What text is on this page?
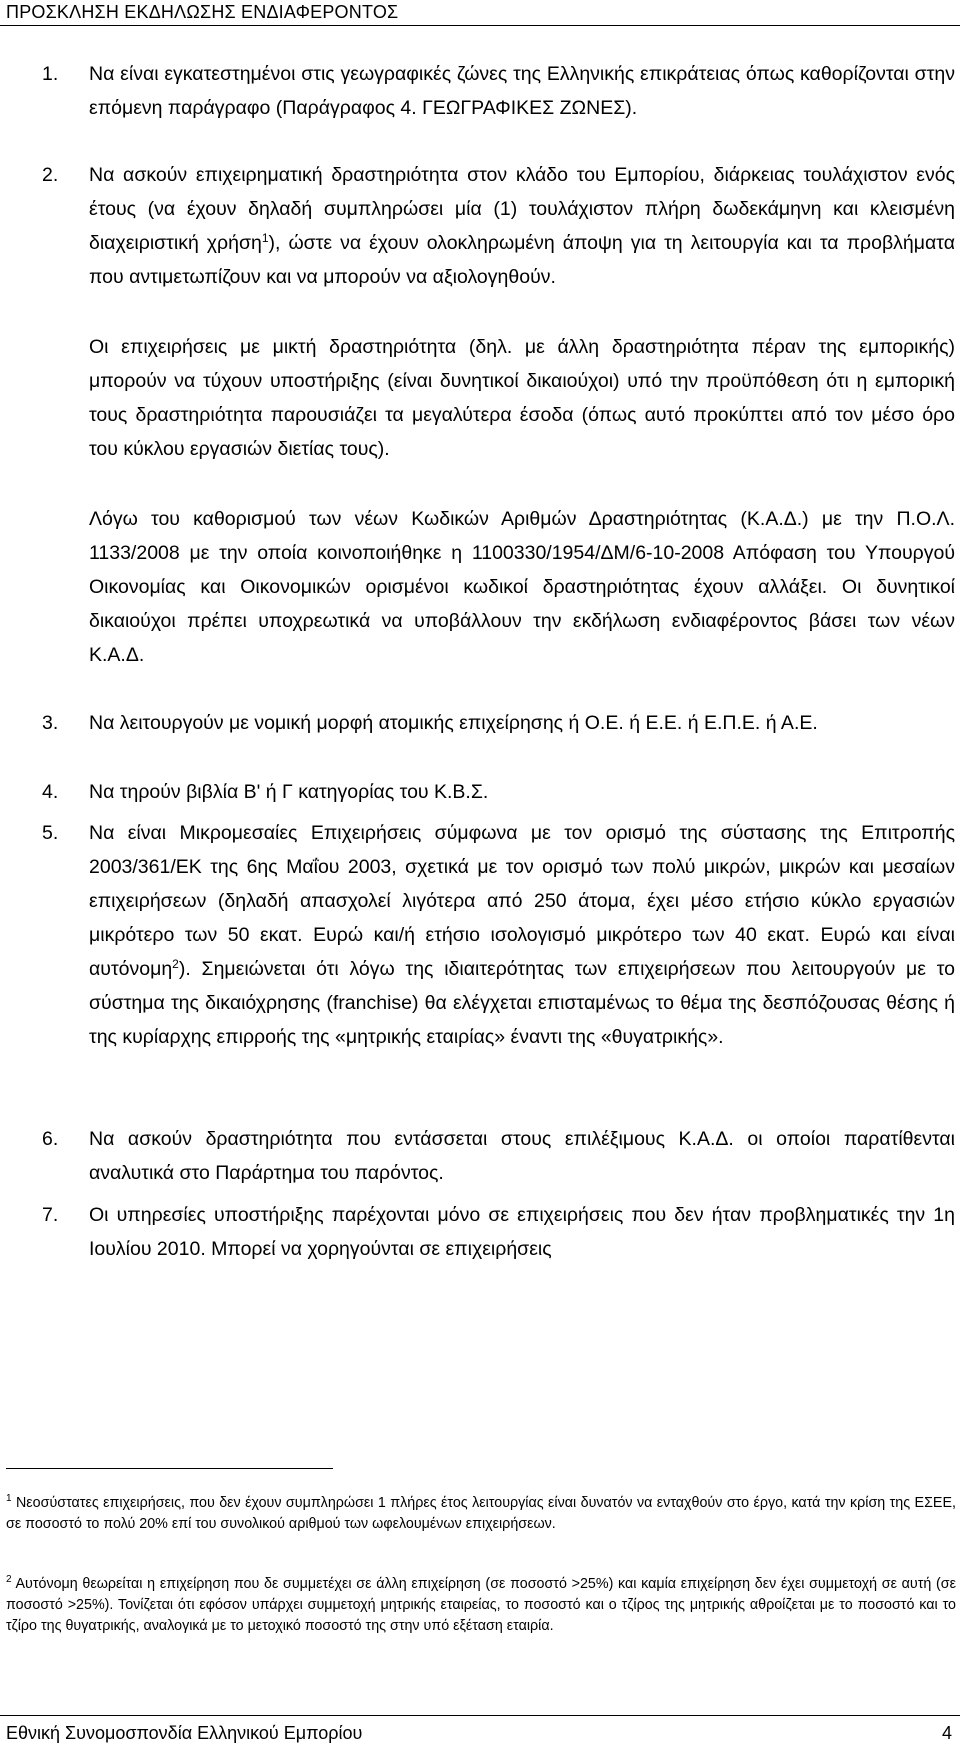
ΠΡΟΣΚΛΗΣΗ ΕΚΔΗΛΩΣΗΣ ΕΝΔΙΑΦΕΡΟΝΤΟΣ
1. Να είναι εγκατεστημένοι στις γεωγραφικές ζώνες της Ελληνικής επικράτειας όπως καθορίζονται στην επόμενη παράγραφο (Παράγραφος 4. ΓΕΩΓΡΑΦΙΚΕΣ ΖΩΝΕΣ).
2. Να ασκούν επιχειρηματική δραστηριότητα στον κλάδο του Εμπορίου, διάρκειας τουλάχιστον ενός έτους (να έχουν δηλαδή συμπληρώσει μία (1) τουλάχιστον πλήρη δωδεκάμηνη και κλεισμένη διαχειριστική χρήση$^1$), ώστε να έχουν ολοκληρωμένη άποψη για τη λειτουργία και τα προβλήματα που αντιμετωπίζουν και να μπορούν να αξιολογηθούν.
Οι επιχειρήσεις με μικτή δραστηριότητα (δηλ. με άλλη δραστηριότητα πέραν της εμπορικής) μπορούν να τύχουν υποστήριξης (είναι δυνητικοί δικαιούχοι) υπό την προϋπόθεση ότι η εμπορική τους δραστηριότητα παρουσιάζει τα μεγαλύτερα έσοδα (όπως αυτό προκύπτει από τον μέσο όρο του κύκλου εργασιών διετίας τους).
Λόγω του καθορισμού των νέων Κωδικών Αριθμών Δραστηριότητας (Κ.Α.Δ.) με την Π.Ο.Λ. 1133/2008 με την οποία κοινοποιήθηκε η 1100330/1954/ΔΜ/6-10-2008 Απόφαση του Υπουργού Οικονομίας και Οικονομικών ορισμένοι κωδικοί δραστηριότητας έχουν αλλάξει. Οι δυνητικοί δικαιούχοι πρέπει υποχρεωτικά να υποβάλλουν την εκδήλωση ενδιαφέροντος βάσει των νέων Κ.Α.Δ.
3. Να λειτουργούν με νομική μορφή ατομικής επιχείρησης ή Ο.Ε. ή Ε.Ε. ή Ε.Π.Ε. ή Α.Ε.
4. Να τηρούν βιβλία Β' ή Γ κατηγορίας του Κ.Β.Σ.
5. Να είναι Μικρομεσαίες Επιχειρήσεις σύμφωνα με τον ορισμό της σύστασης της Επιτροπής 2003/361/ΕΚ της 6ης Μαΐου 2003, σχετικά με τον ορισμό των πολύ μικρών, μικρών και μεσαίων επιχειρήσεων (δηλαδή απασχολεί λιγότερα από 250 άτομα, έχει μέσο ετήσιο κύκλο εργασιών μικρότερο των 50 εκατ. Ευρώ και/ή ετήσιο ισολογισμό μικρότερο των 40 εκατ. Ευρώ και είναι αυτόνομη$^2$). Σημειώνεται ότι λόγω της ιδιαιτερότητας των επιχειρήσεων που λειτουργούν με το σύστημα της δικαιόχρησης (franchise) θα ελέγχεται επισταμένως το θέμα της δεσπόζουσας θέσης ή της κυρίαρχης επιρροής της «μητρικής εταιρίας» έναντι της «θυγατρικής».
6. Να ασκούν δραστηριότητα που εντάσσεται στους επιλέξιμους Κ.Α.Δ. οι οποίοι παρατίθενται αναλυτικά στο Παράρτημα του παρόντος.
7. Οι υπηρεσίες υποστήριξης παρέχονται μόνο σε επιχειρήσεις που δεν ήταν προβληματικές την 1η Ιουλίου 2010. Μπορεί να χορηγούνται σε επιχειρήσεις
$^1$ Νεοσύστατες επιχειρήσεις, που δεν έχουν συμπληρώσει 1 πλήρες έτος λειτουργίας είναι δυνατόν να ενταχθούν στο έργο, κατά την κρίση της ΕΣΕΕ, σε ποσοστό το πολύ 20% επί του συνολικού αριθμού των ωφελουμένων επιχειρήσεων.
$^2$ Αυτόνομη θεωρείται η επιχείρηση που δε συμμετέχει σε άλλη επιχείρηση (σε ποσοστό >25%) και καμία επιχείρηση δεν έχει συμμετοχή σε αυτή (σε ποσοστό >25%). Τονίζεται ότι εφόσον υπάρχει συμμετοχή μητρικής εταιρείας, το ποσοστό και ο τζίρος της μητρικής αθροίζεται με το ποσοστό και το τζίρο της θυγατρικής, αναλογικά με το μετοχικό ποσοστό της στην υπό εξέταση εταιρία.
Εθνική Συνομοσπονδία Ελληνικού Εμπορίου	4
